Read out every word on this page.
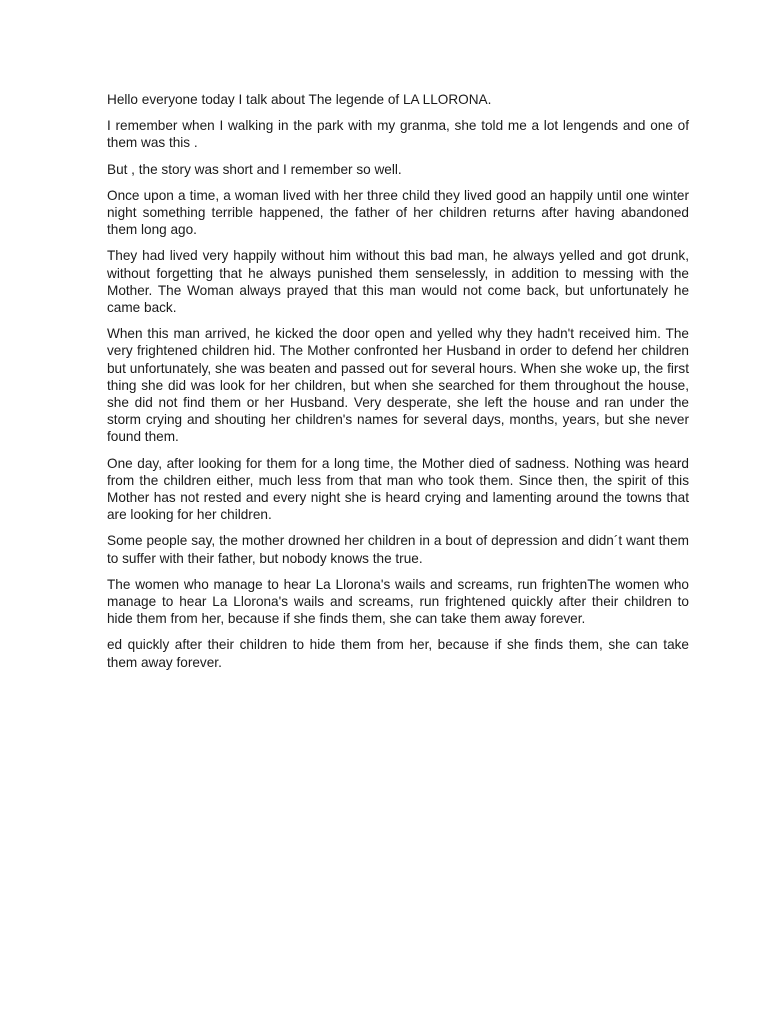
Hello everyone today I talk about The legende of LA LLORONA.

I remember when I walking in the park with my granma, she told me a lot lengends and one of them was this .

But , the story was short and I remember so well.

Once upon a time, a woman lived with her three child they lived good an happily until one winter night something terrible happened, the father of her children returns after having abandoned them long ago.

They had lived very happily without him without this bad man, he always yelled and got drunk, without forgetting that he always punished them senselessly, in addition to messing with the Mother. The Woman always prayed that this man would not come back, but unfortunately he came back.

When this man arrived, he kicked the door open and yelled why they hadn't received him. The very frightened children hid. The Mother confronted her Husband in order to defend her children but unfortunately, she was beaten and passed out for several hours. When she woke up, the first thing she did was look for her children, but when she searched for them throughout the house, she did not find them or her Husband. Very desperate, she left the house and ran under the storm crying and shouting her children's names for several days, months, years, but she never found them.

One day, after looking for them for a long time, the Mother died of sadness. Nothing was heard from the children either, much less from that man who took them. Since then, the spirit of this Mother has not rested and every night she is heard crying and lamenting around the towns that are looking for her children.

Some people say, the mother drowned her children in a bout of depression and didn´t want them to suffer with their father, but nobody knows the true.

The women who manage to hear La Llorona's wails and screams, run frightenThe women who manage to hear La Llorona's wails and screams, run frightened quickly after their children to hide them from her, because if she finds them, she can take them away forever.

ed quickly after their children to hide them from her, because if she finds them, she can take them away forever.
